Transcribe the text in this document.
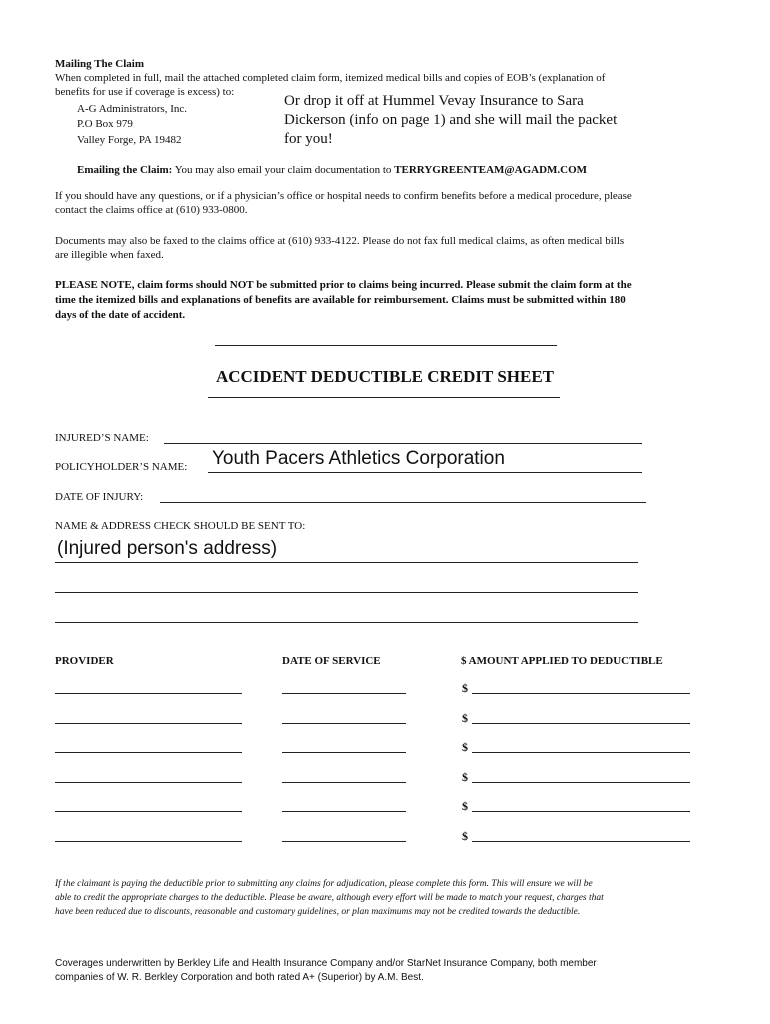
Mailing The Claim
When completed in full, mail the attached completed claim form, itemized medical bills and copies of EOB’s (explanation of
benefits for use if coverage is excess) to:
A-G Administrators, Inc.
P.O Box 979
Valley Forge, PA 19482
Or drop it off at Hummel Vevay Insurance to Sara Dickerson (info on page 1) and she will mail the packet for you!
Emailing the Claim: You may also email your claim documentation to TERRYGREENTEAM@AGADM.COM
If you should have any questions, or if a physician’s office or hospital needs to confirm benefits before a medical procedure, please
contact the claims office at (610) 933-0800.
Documents may also be faxed to the claims office at (610) 933-4122. Please do not fax full medical claims, as often medical bills
are illegible when faxed.
PLEASE NOTE, claim forms should NOT be submitted prior to claims being incurred. Please submit the claim form at the
time the itemized bills and explanations of benefits are available for reimbursement. Claims must be submitted within 180
days of the date of accident.
ACCIDENT DEDUCTIBLE CREDIT SHEET
INJURED’S NAME:
POLICYHOLDER’S NAME: Youth Pacers Athletics Corporation
DATE OF INJURY:
NAME & ADDRESS CHECK SHOULD BE SENT TO:
(Injured person's address)
PROVIDER	DATE OF SERVICE	$ AMOUNT APPLIED TO DEDUCTIBLE
$
$
$
$
$
$
If the claimant is paying the deductible prior to submitting any claims for adjudication, please complete this form. This will ensure we will be
able to credit the appropriate charges to the deductible. Please be aware, although every effort will be made to match your request, charges that
have been reduced due to discounts, reasonable and customary guidelines, or plan maximums may not be credited towards the deductible.
Coverages underwritten by Berkley Life and Health Insurance Company and/or StarNet Insurance Company, both member
companies of W. R. Berkley Corporation and both rated A+ (Superior) by A.M. Best.
